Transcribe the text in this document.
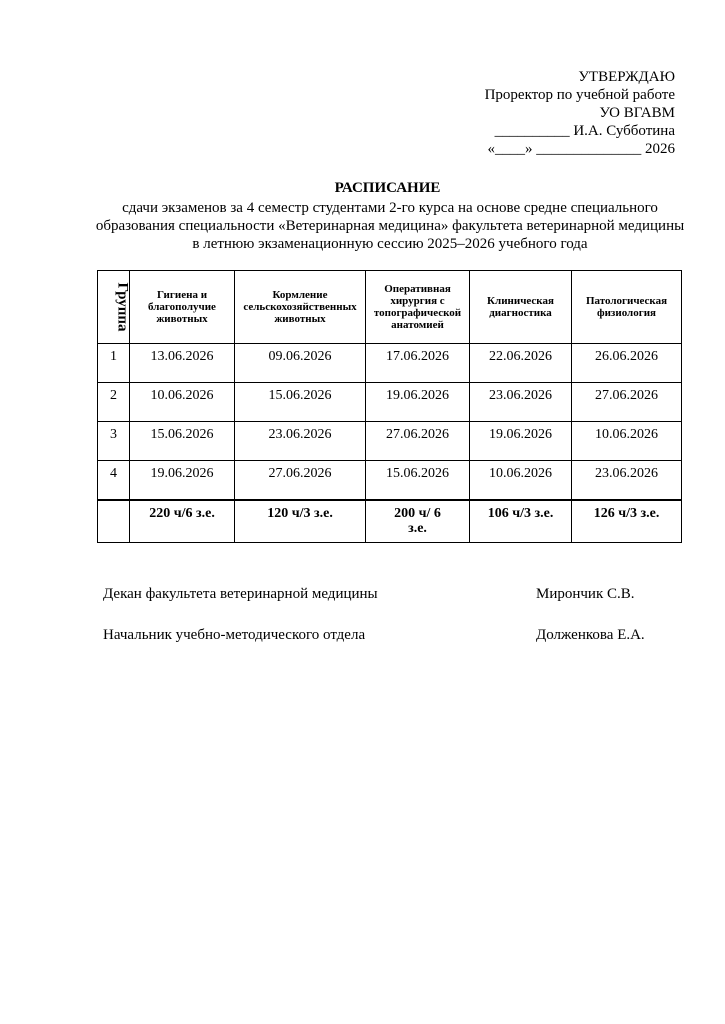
УТВЕРЖДАЮ
Проректор по учебной работе
УО ВГАВМ
__________ И.А. Субботина
«____» ______________ 2026
РАСПИСАНИЕ
сдачи экзаменов за 4 семестр студентами 2-го курса на основе средне специального образования специальности «Ветеринарная медицина» факультета ветеринарной медицины в летнюю экзаменационную сессию 2025–2026 учебного года
Группа	Гигиена и благополучие животных	Кормление сельскохозяйственных животных	Оперативная хирургия с топографической анатомией	Клиническая диагностика	Патологическая физиология
1	13.06.2026	09.06.2026	17.06.2026	22.06.2026	26.06.2026
2	10.06.2026	15.06.2026	19.06.2026	23.06.2026	27.06.2026
3	15.06.2026	23.06.2026	27.06.2026	19.06.2026	10.06.2026
4	19.06.2026	27.06.2026	15.06.2026	10.06.2026	23.06.2026
	220 ч/6 з.е.	120 ч/3 з.е.	200 ч/ 6 з.е.	106 ч/3 з.е.	126 ч/3 з.е.
Декан факультета ветеринарной медицины	Мирончик С.В.
Начальник учебно-методического отдела	Долженкова Е.А.
